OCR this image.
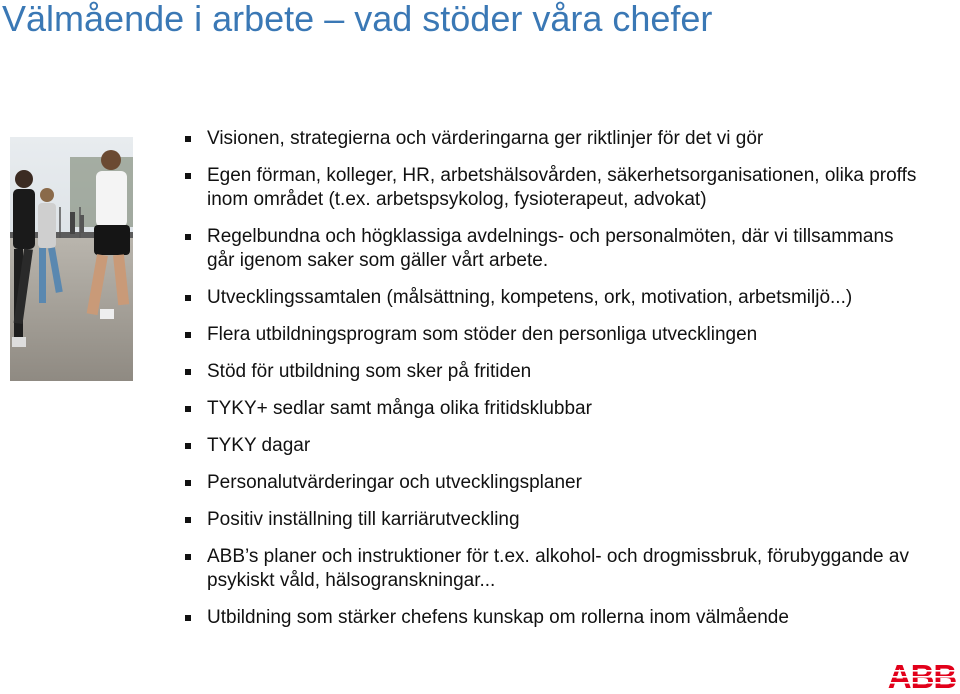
Välmående i arbete – vad stöder våra chefer
Visionen, strategierna och värderingarna ger riktlinjer för det vi gör
Egen förman, kolleger, HR, arbetshälsovården, säkerhetsorganisationen, olika proffs inom området (t.ex. arbetspsykolog, fysioterapeut, advokat)
Regelbundna och högklassiga avdelnings- och personalmöten, där vi tillsammans går igenom saker som gäller vårt arbete.
Utvecklingssamtalen (målsättning, kompetens, ork, motivation, arbetsmiljö...)
Flera utbildningsprogram som stöder den personliga utvecklingen
Stöd för utbildning som sker på fritiden
TYKY+ sedlar samt många olika fritidsklubbar
TYKY dagar
Personalutvärderingar och utvecklingsplaner
Positiv inställning till karriärutveckling
ABB’s planer och instruktioner för t.ex. alkohol- och drogmissbruk, förubyggande av psykiskt våld, hälsogranskningar...
Utbildning som stärker chefens kunskap om rollerna inom välmående
